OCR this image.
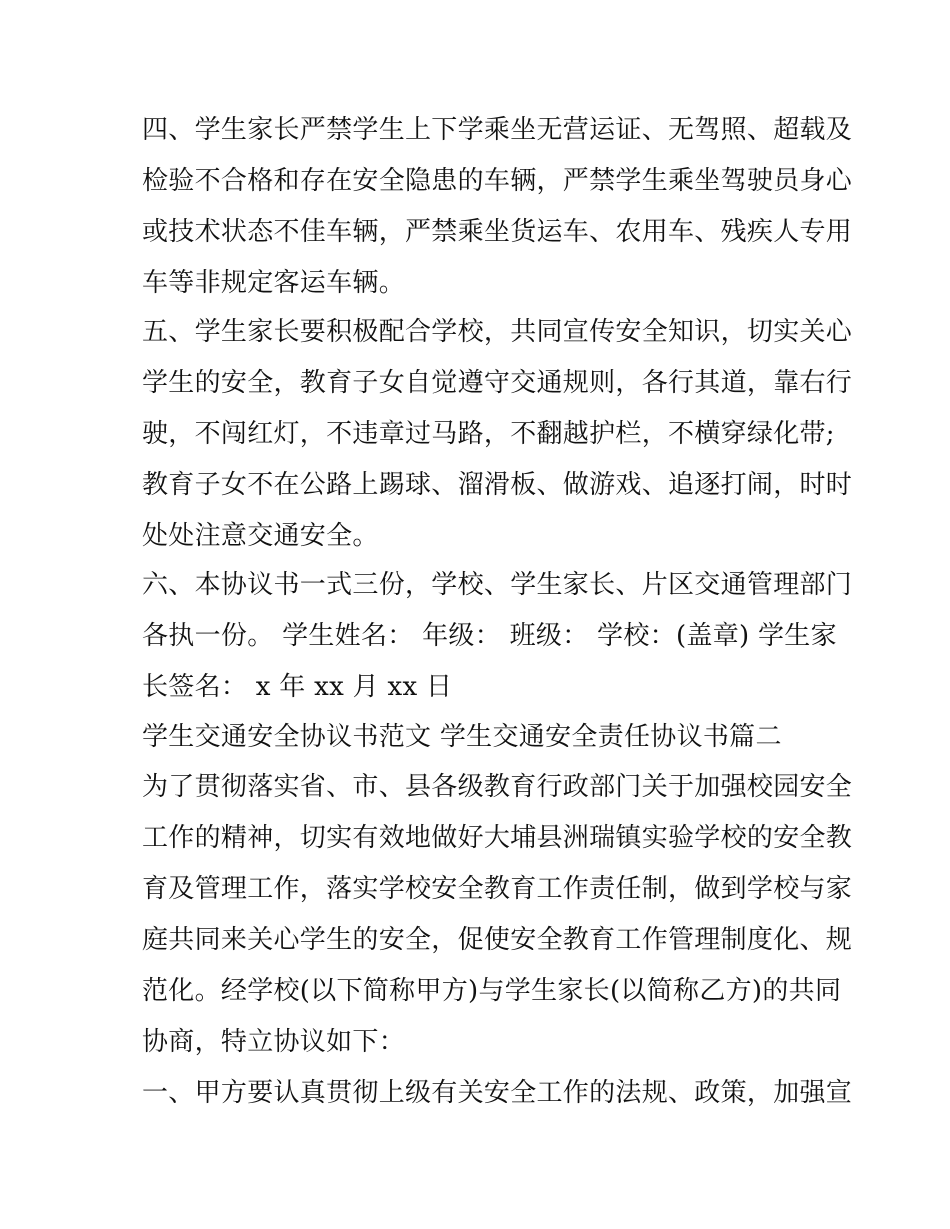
四、学生家长严禁学生上下学乘坐无营运证、无驾照、超载及
检验不合格和存在安全隐患的车辆，严禁学生乘坐驾驶员身心
或技术状态不佳车辆，严禁乘坐货运车、农用车、残疾人专用
车等非规定客运车辆。
五、学生家长要积极配合学校，共同宣传安全知识，切实关心
学生的安全，教育子女自觉遵守交通规则，各行其道，靠右行
驶，不闯红灯，不违章过马路，不翻越护栏，不横穿绿化带;
教育子女不在公路上踢球、溜滑板、做游戏、追逐打闹，时时
处处注意交通安全。
六、本协议书一式三份，学校、学生家长、片区交通管理部门
各执一份。 学生姓名： 年级： 班级： 学校：(盖章) 学生家
长签名： x 年 xx 月 xx 日
学生交通安全协议书范文 学生交通安全责任协议书篇二
为了贯彻落实省、市、县各级教育行政部门关于加强校园安全
工作的精神，切实有效地做好大埔县洲瑞镇实验学校的安全教
育及管理工作，落实学校安全教育工作责任制，做到学校与家
庭共同来关心学生的安全，促使安全教育工作管理制度化、规
范化。经学校(以下简称甲方)与学生家长(以简称乙方)的共同
协商，特立协议如下：
一、甲方要认真贯彻上级有关安全工作的法规、政策，加强宣
